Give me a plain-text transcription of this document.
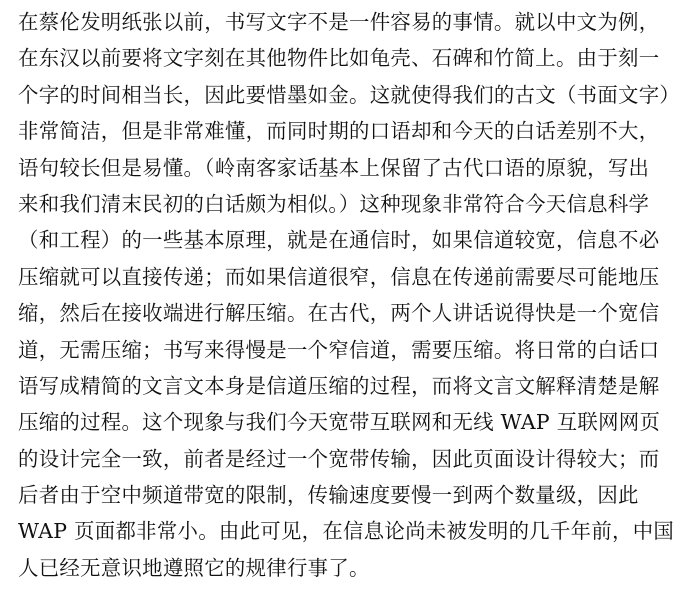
在蔡伦发明纸张以前，书写文字不是一件容易的事情。就以中文为例，
在东汉以前要将文字刻在其他物件比如龟壳、石碑和竹简上。由于刻一
个字的时间相当长，因此要惜墨如金。这就使得我们的古文（书面文字）
非常简洁，但是非常难懂，而同时期的口语却和今天的白话差别不大，
语句较长但是易懂。（岭南客家话基本上保留了古代口语的原貌，写出
来和我们清末民初的白话颇为相似。）这种现象非常符合今天信息科学
（和工程）的一些基本原理，就是在通信时，如果信道较宽，信息不必
压缩就可以直接传递；而如果信道很窄，信息在传递前需要尽可能地压
缩，然后在接收端进行解压缩。在古代，两个人讲话说得快是一个宽信
道，无需压缩；书写来得慢是一个窄信道，需要压缩。将日常的白话口
语写成精简的文言文本身是信道压缩的过程，而将文言文解释清楚是解
压缩的过程。这个现象与我们今天宽带互联网和无线 WAP 互联网网页
的设计完全一致，前者是经过一个宽带传输，因此页面设计得较大；而
后者由于空中频道带宽的限制，传输速度要慢一到两个数量级，因此
WAP 页面都非常小。由此可见，在信息论尚未被发明的几千年前，中国
人已经无意识地遵照它的规律行事了。
